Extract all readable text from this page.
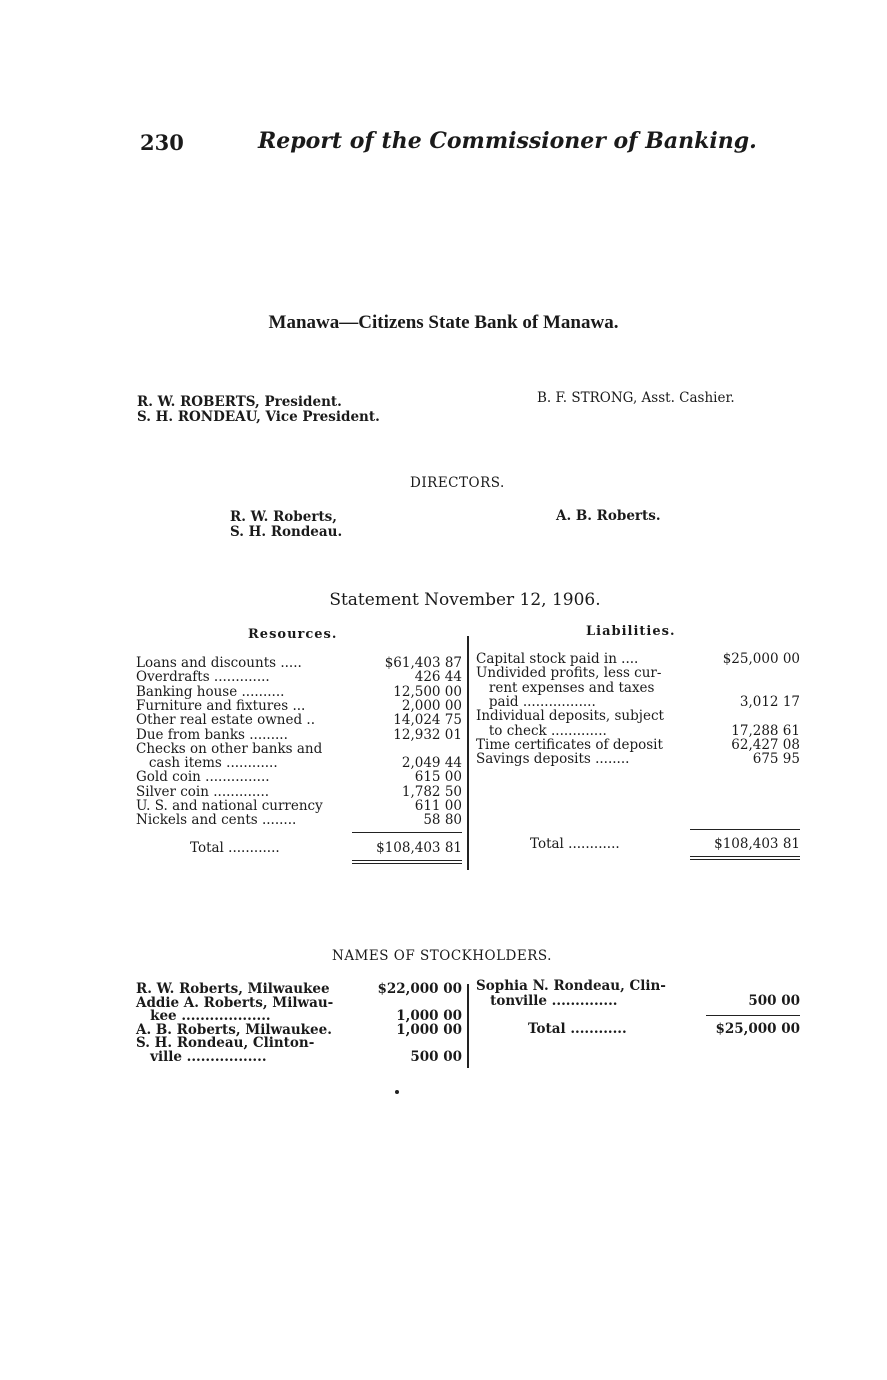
230	Report of the Commissioner of Banking.
Manawa—Citizens State Bank of Manawa.
R. W. ROBERTS, President.
S. H. RONDEAU, Vice President.
B. F. STRONG, Asst. Cashier.
DIRECTORS.
R. W. Roberts,
S. H. Rondeau.
A. B. Roberts.
Statement November 12, 1906.
Resources.	Liabilities.
Loans and discounts .....	$61,403 87
Overdrafts .............	426 44
Banking house ..........	12,500 00
Furniture and fixtures ...	2,000 00
Other real estate owned ..	14,024 75
Due from banks .........	12,932 01
Checks on other banks and
cash items ............	2,049 44
Gold coin ...............	615 00
Silver coin .............	1,782 50
U. S. and national currency	611 00
Nickels and cents ........	58 80
Total ............	$108,403 81
Capital stock paid in ....	$25,000 00
Undivided profits, less cur-
rent expenses and taxes
paid .................	3,012 17
Individual deposits, subject
to check .............	17,288 61
Time certificates of deposit	62,427 08
Savings deposits ........	675 95
Total ............	$108,403 81
NAMES OF STOCKHOLDERS.
R. W. Roberts, Milwaukee	$22,000 00
Addie A. Roberts, Milwau-
kee ...................	1,000 00
A. B. Roberts, Milwaukee.	1,000 00
S. H. Rondeau, Clinton-
ville .................	500 00
Sophia N. Rondeau, Clin-
tonville ..............	500 00
Total ............	$25,000 00
